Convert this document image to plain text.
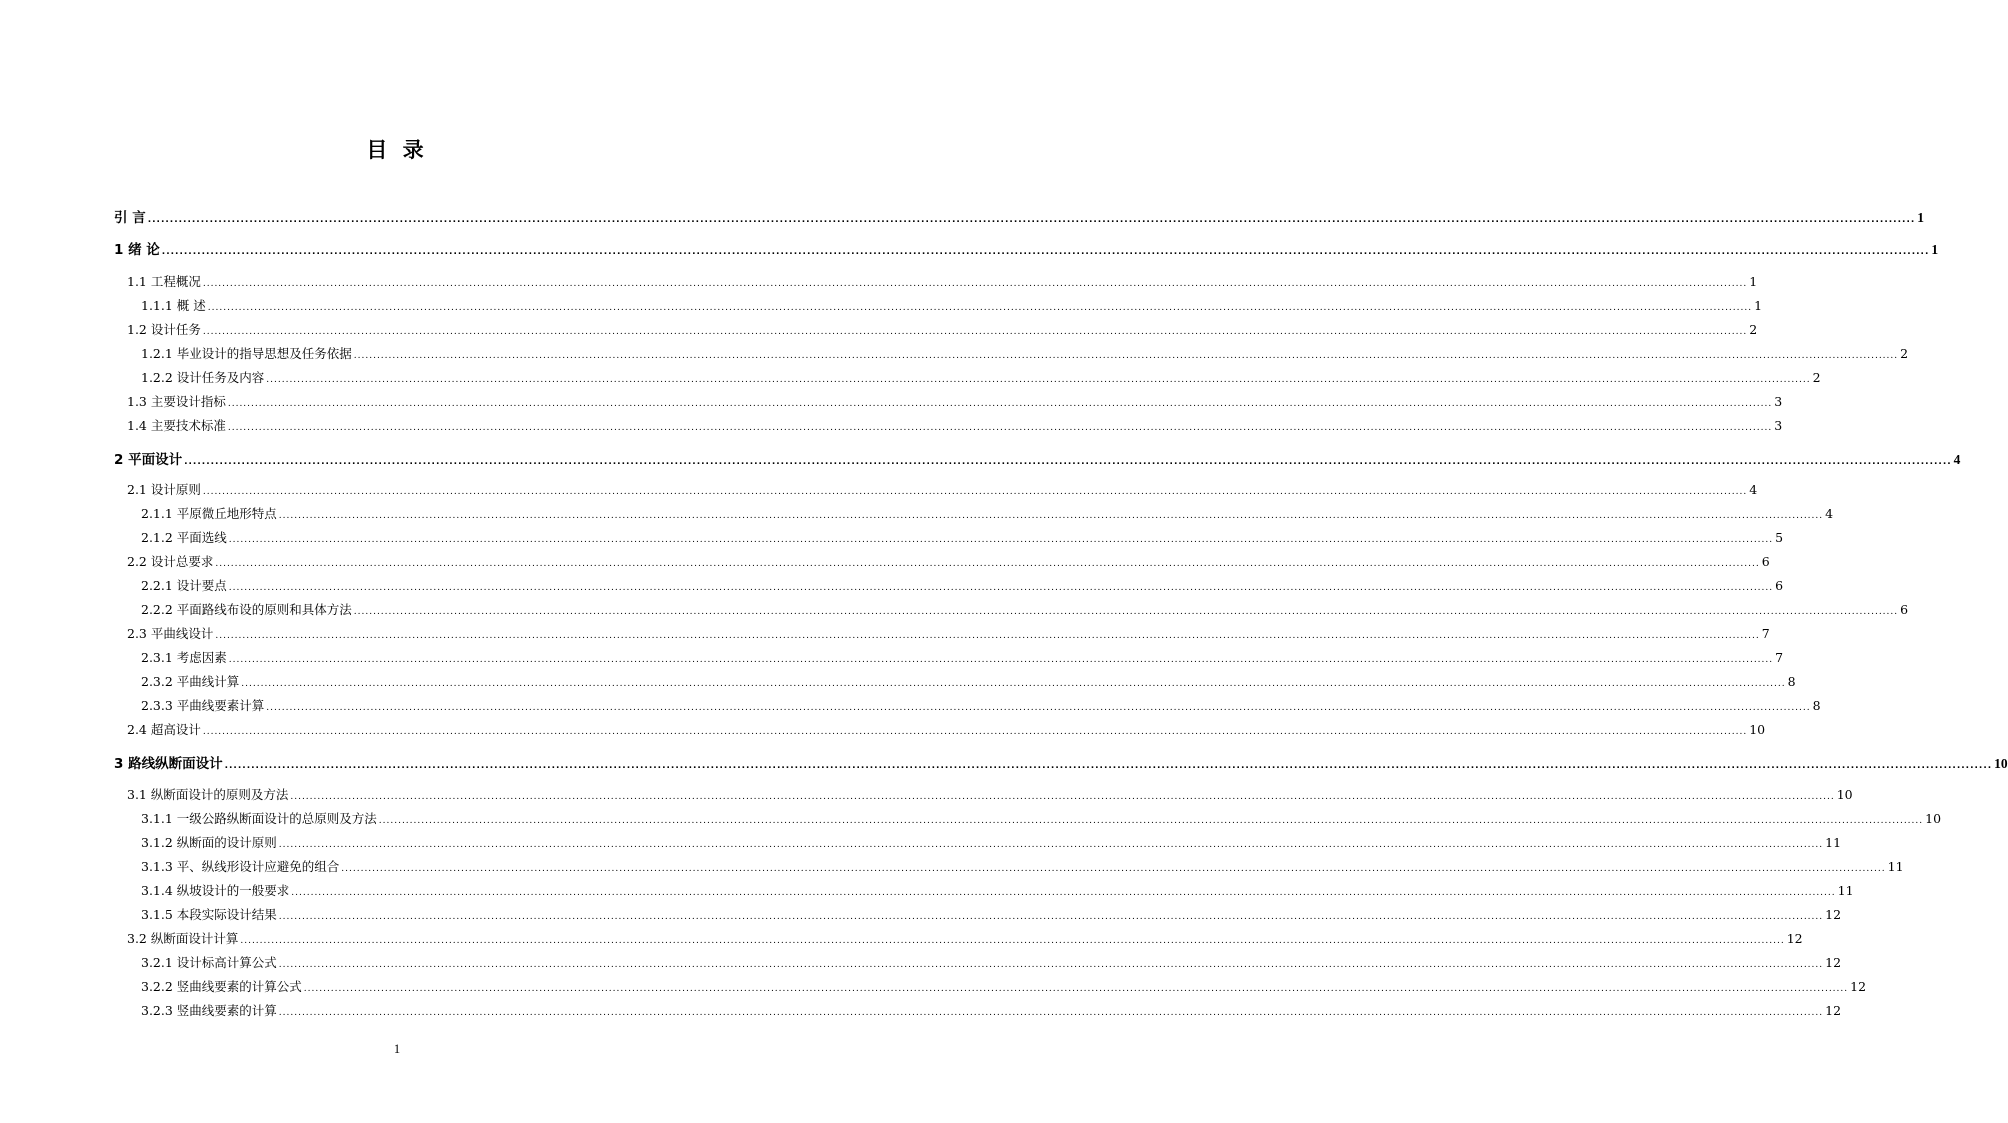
目 录
引 言 ................................................................................................................................................................................................................................................................................................................................................................................................................ 1
1 绪 论 ................................................................................................................................................................................................................................................................................................................................................................................................................ 1
1.1 工程概况 ................................................................................................................................................................................................................................................................................................................................................................................................................ 1
1.1.1 概 述 ................................................................................................................................................................................................................................................................................................................................................................................................................ 1
1.2 设计任务 ................................................................................................................................................................................................................................................................................................................................................................................................................ 2
1.2.1 毕业设计的指导思想及任务依据 ................................................................................................................................................................................................................................................................................................................................................................................................................ 2
1.2.2 设计任务及内容 ................................................................................................................................................................................................................................................................................................................................................................................................................ 2
1.3 主要设计指标 ................................................................................................................................................................................................................................................................................................................................................................................................................ 3
1.4 主要技术标准 ................................................................................................................................................................................................................................................................................................................................................................................................................ 3
2 平面设计 ................................................................................................................................................................................................................................................................................................................................................................................................................ 4
2.1 设计原则 ................................................................................................................................................................................................................................................................................................................................................................................................................ 4
2.1.1 平原微丘地形特点 ................................................................................................................................................................................................................................................................................................................................................................................................................ 4
2.1.2 平面选线 ................................................................................................................................................................................................................................................................................................................................................................................................................ 5
2.2 设计总要求 ................................................................................................................................................................................................................................................................................................................................................................................................................ 6
2.2.1 设计要点 ................................................................................................................................................................................................................................................................................................................................................................................................................ 6
2.2.2 平面路线布设的原则和具体方法 ................................................................................................................................................................................................................................................................................................................................................................................................................ 6
2.3 平曲线设计 ................................................................................................................................................................................................................................................................................................................................................................................................................ 7
2.3.1 考虑因素 ................................................................................................................................................................................................................................................................................................................................................................................................................ 7
2.3.2 平曲线计算 ................................................................................................................................................................................................................................................................................................................................................................................................................ 8
2.3.3 平曲线要素计算 ................................................................................................................................................................................................................................................................................................................................................................................................................ 8
2.4 超高设计 ................................................................................................................................................................................................................................................................................................................................................................................................................ 10
3 路线纵断面设计 ................................................................................................................................................................................................................................................................................................................................................................................................................ 10
3.1 纵断面设计的原则及方法 ................................................................................................................................................................................................................................................................................................................................................................................................................ 10
3.1.1 一级公路纵断面设计的总原则及方法 ................................................................................................................................................................................................................................................................................................................................................................................................................ 10
3.1.2 纵断面的设计原则 ................................................................................................................................................................................................................................................................................................................................................................................................................ 11
3.1.3 平、纵线形设计应避免的组合 ................................................................................................................................................................................................................................................................................................................................................................................................................ 11
3.1.4 纵坡设计的一般要求 ................................................................................................................................................................................................................................................................................................................................................................................................................ 11
3.1.5 本段实际设计结果 ................................................................................................................................................................................................................................................................................................................................................................................................................ 12
3.2 纵断面设计计算 ................................................................................................................................................................................................................................................................................................................................................................................................................ 12
3.2.1 设计标高计算公式 ................................................................................................................................................................................................................................................................................................................................................................................................................ 12
3.2.2 竖曲线要素的计算公式 ................................................................................................................................................................................................................................................................................................................................................................................................................ 12
3.2.3 竖曲线要素的计算 ................................................................................................................................................................................................................................................................................................................................................................................................................ 12
1
